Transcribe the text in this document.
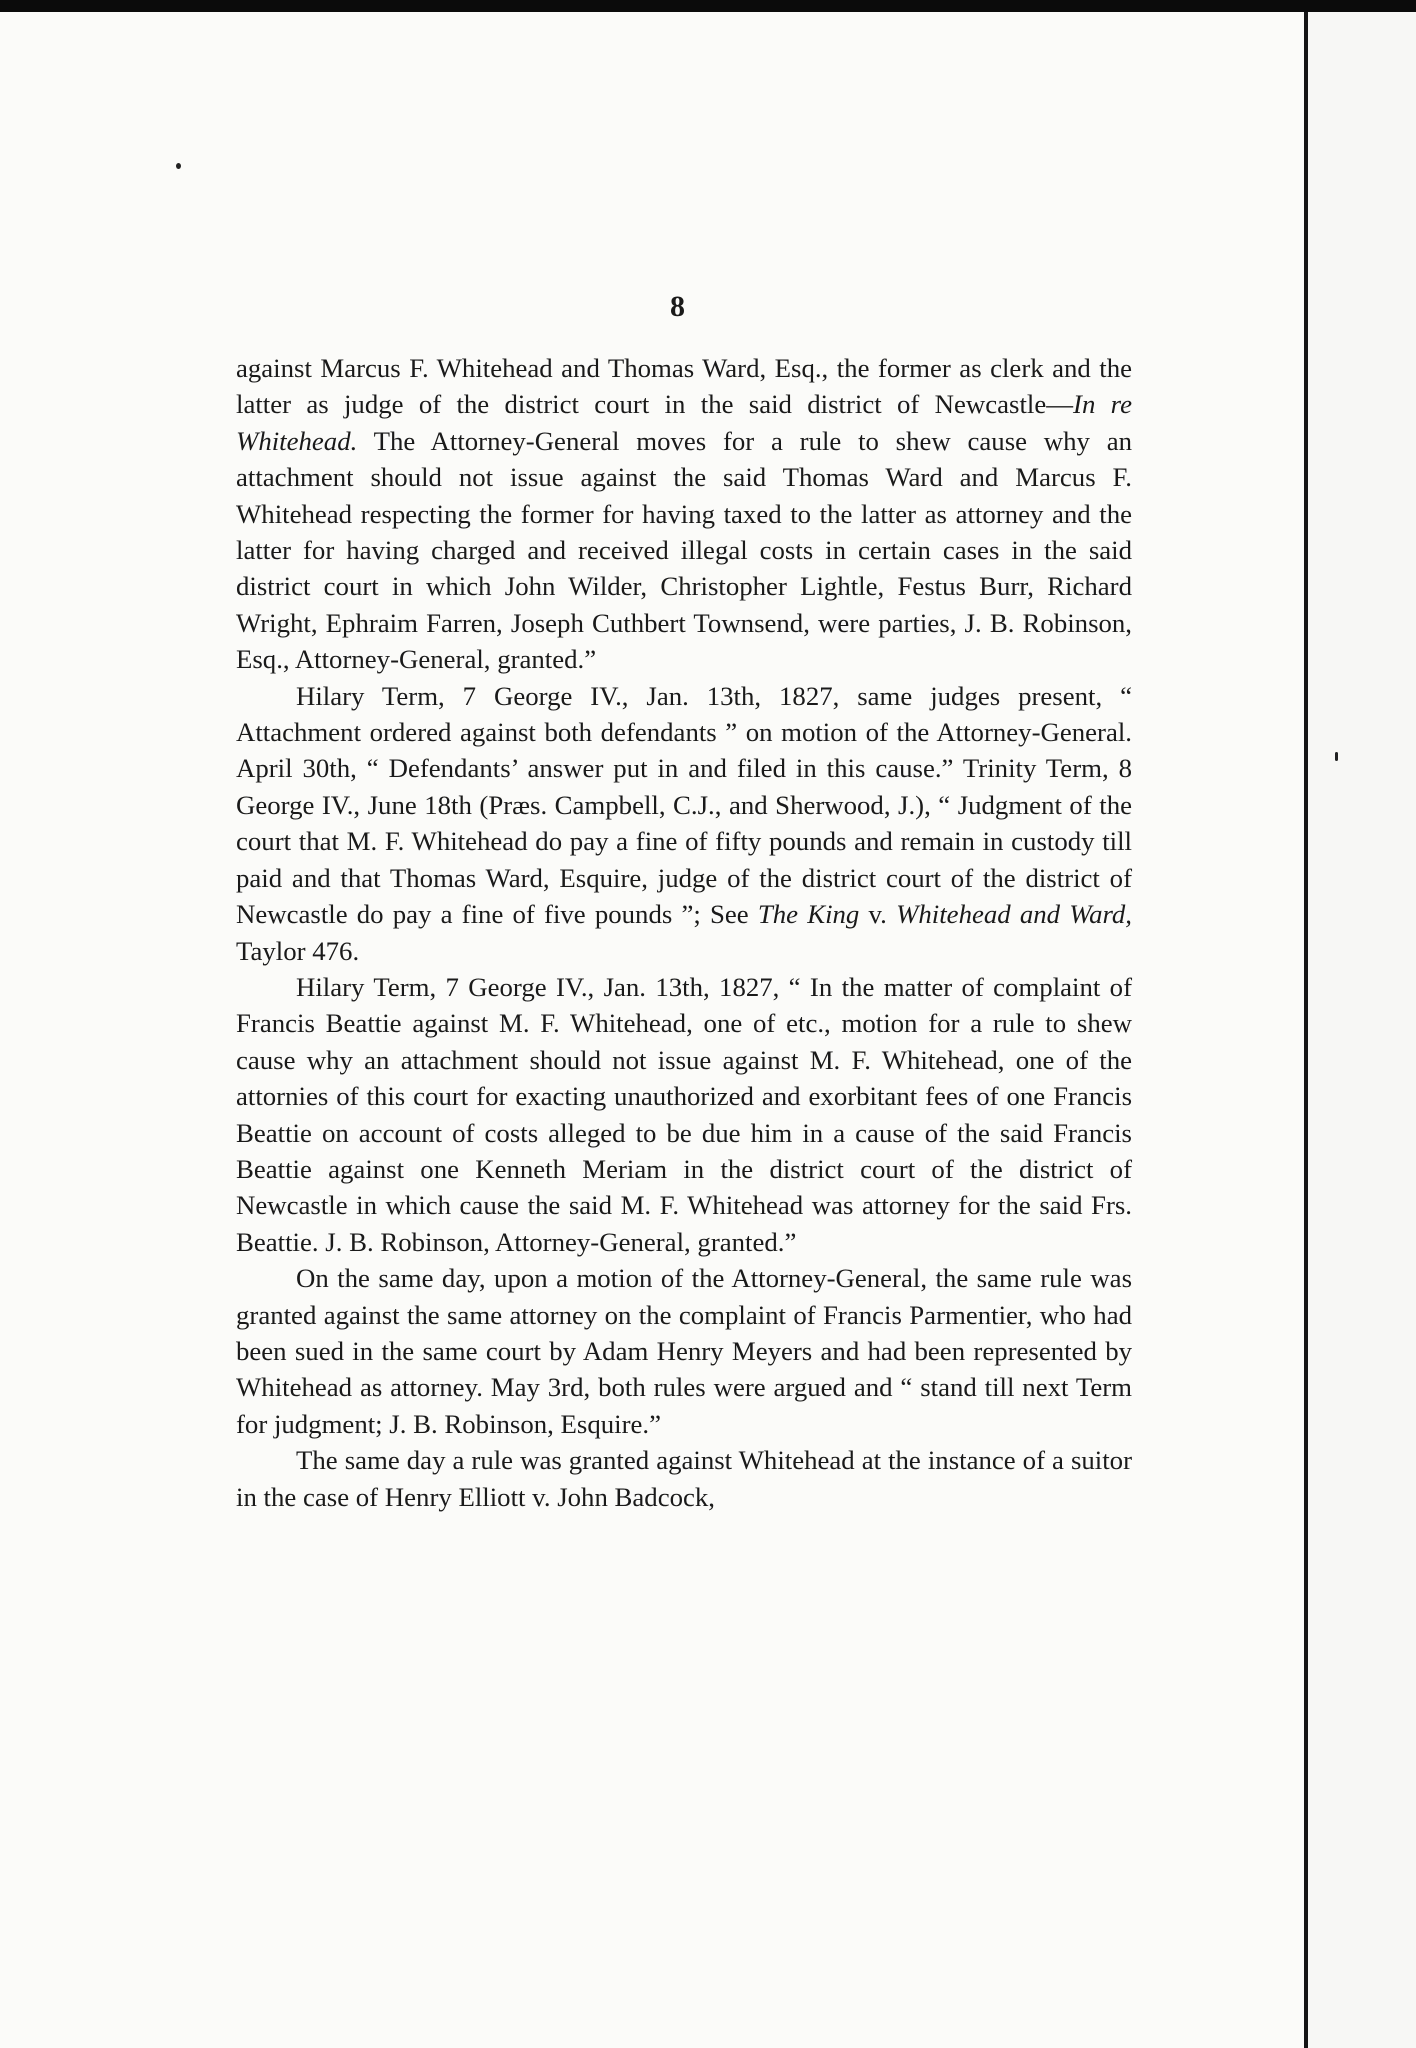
8

against Marcus F. Whitehead and Thomas Ward, Esq., the former as clerk and the latter as judge of the district court in the said district of Newcastle—In re Whitehead. The Attorney-General moves for a rule to shew cause why an attachment should not issue against the said Thomas Ward and Marcus F. Whitehead respecting the former for having taxed to the latter as attorney and the latter for having charged and received illegal costs in certain cases in the said district court in which John Wilder, Christopher Lightle, Festus Burr, Richard Wright, Ephraim Farren, Joseph Cuthbert Townsend, were parties, J. B. Robinson, Esq., Attorney-General, granted.”

Hilary Term, 7 George IV., Jan. 13th, 1827, same judges present, “ Attachment ordered against both defendants ” on motion of the Attorney-General. April 30th, “ Defendants’ answer put in and filed in this cause.” Trinity Term, 8 George IV., June 18th (Præs. Campbell, C.J., and Sherwood, J.), “ Judgment of the court that M. F. Whitehead do pay a fine of fifty pounds and remain in custody till paid and that Thomas Ward, Esquire, judge of the district court of the district of Newcastle do pay a fine of five pounds ”; See The King v. Whitehead and Ward, Taylor 476.

Hilary Term, 7 George IV., Jan. 13th, 1827, “ In the matter of complaint of Francis Beattie against M. F. Whitehead, one of etc., motion for a rule to shew cause why an attachment should not issue against M. F. Whitehead, one of the attornies of this court for exacting unauthorized and exorbitant fees of one Francis Beattie on account of costs alleged to be due him in a cause of the said Francis Beattie against one Kenneth Meriam in the district court of the district of Newcastle in which cause the said M. F. Whitehead was attorney for the said Frs. Beattie. J. B. Robinson, Attorney-General, granted.”

On the same day, upon a motion of the Attorney-General, the same rule was granted against the same attorney on the complaint of Francis Parmentier, who had been sued in the same court by Adam Henry Meyers and had been represented by Whitehead as attorney. May 3rd, both rules were argued and “ stand till next Term for judgment; J. B. Robinson, Esquire.”

The same day a rule was granted against Whitehead at the instance of a suitor in the case of Henry Elliott v. John Badcock,
